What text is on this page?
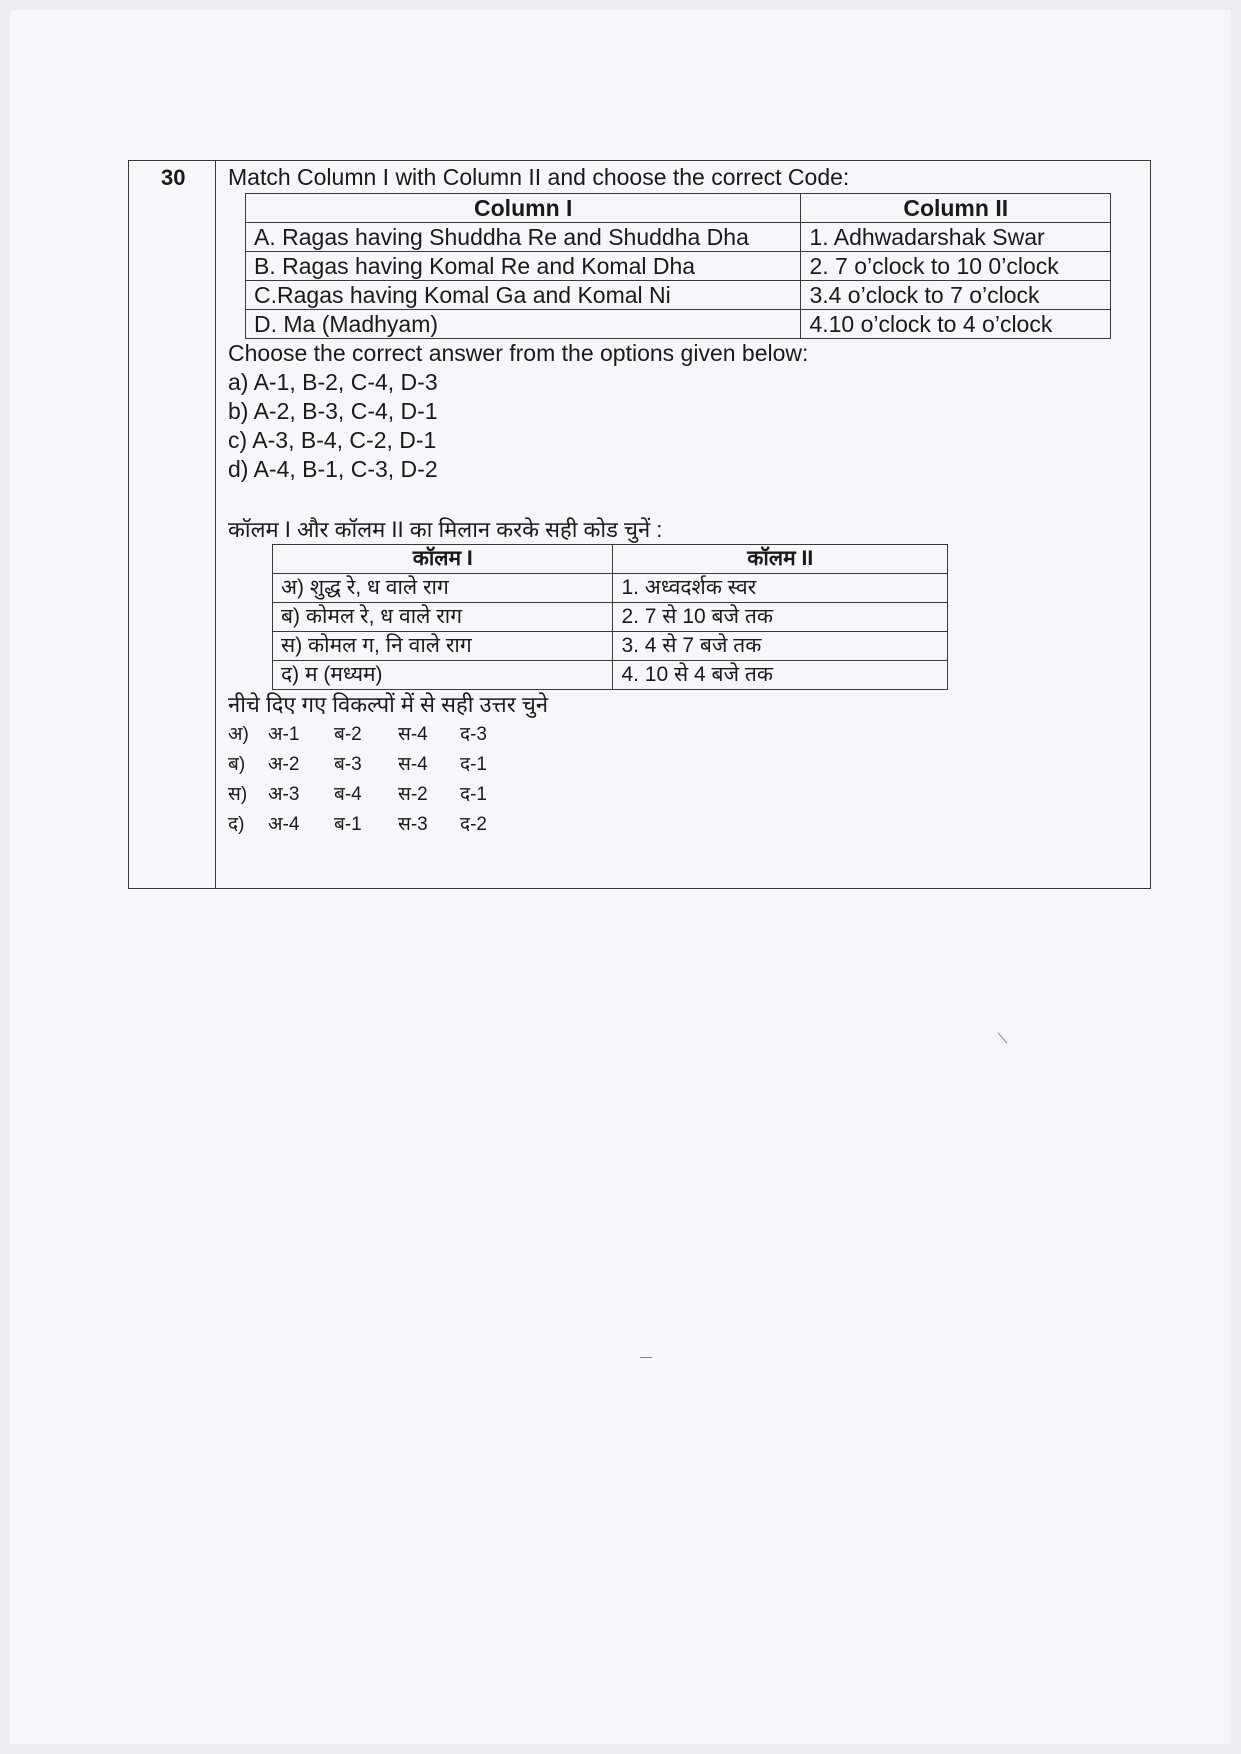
30 Match Column I with Column II and choose the correct Code:
Column I	Column II
A. Ragas having Shuddha Re and Shuddha Dha	1. Adhwadarshak Swar
B. Ragas having Komal Re and Komal Dha	2. 7 o’clock to 10 0’clock
C.Ragas having Komal Ga and Komal Ni	3.4 o’clock to 7 o’clock
D. Ma (Madhyam)	4.10 o’clock to 4 o’clock
Choose the correct answer from the options given below:
a) A-1, B-2, C-4, D-3
b) A-2, B-3, C-4, D-1
c) A-3, B-4, C-2, D-1
d) A-4, B-1, C-3, D-2
कॉलम I और कॉलम II का मिलान करके सही कोड चुनें :
कॉलम I	कॉलम II
अ) शुद्ध रे, ध वाले राग	1. अध्वदर्शक स्वर
ब) कोमल रे, ध वाले राग	2. 7 से 10 बजे तक
स) कोमल ग, नि वाले राग	3. 4 से 7 बजे तक
द) म (मध्यम)	4. 10 से 4 बजे तक
नीचे दिए गए विकल्पों में से सही उत्तर चुने
अ) अ-1 ब-2 स-4 द-3
ब) अ-2 ब-3 स-4 द-1
स) अ-3 ब-4 स-2 द-1
द) अ-4 ब-1 स-3 द-2
